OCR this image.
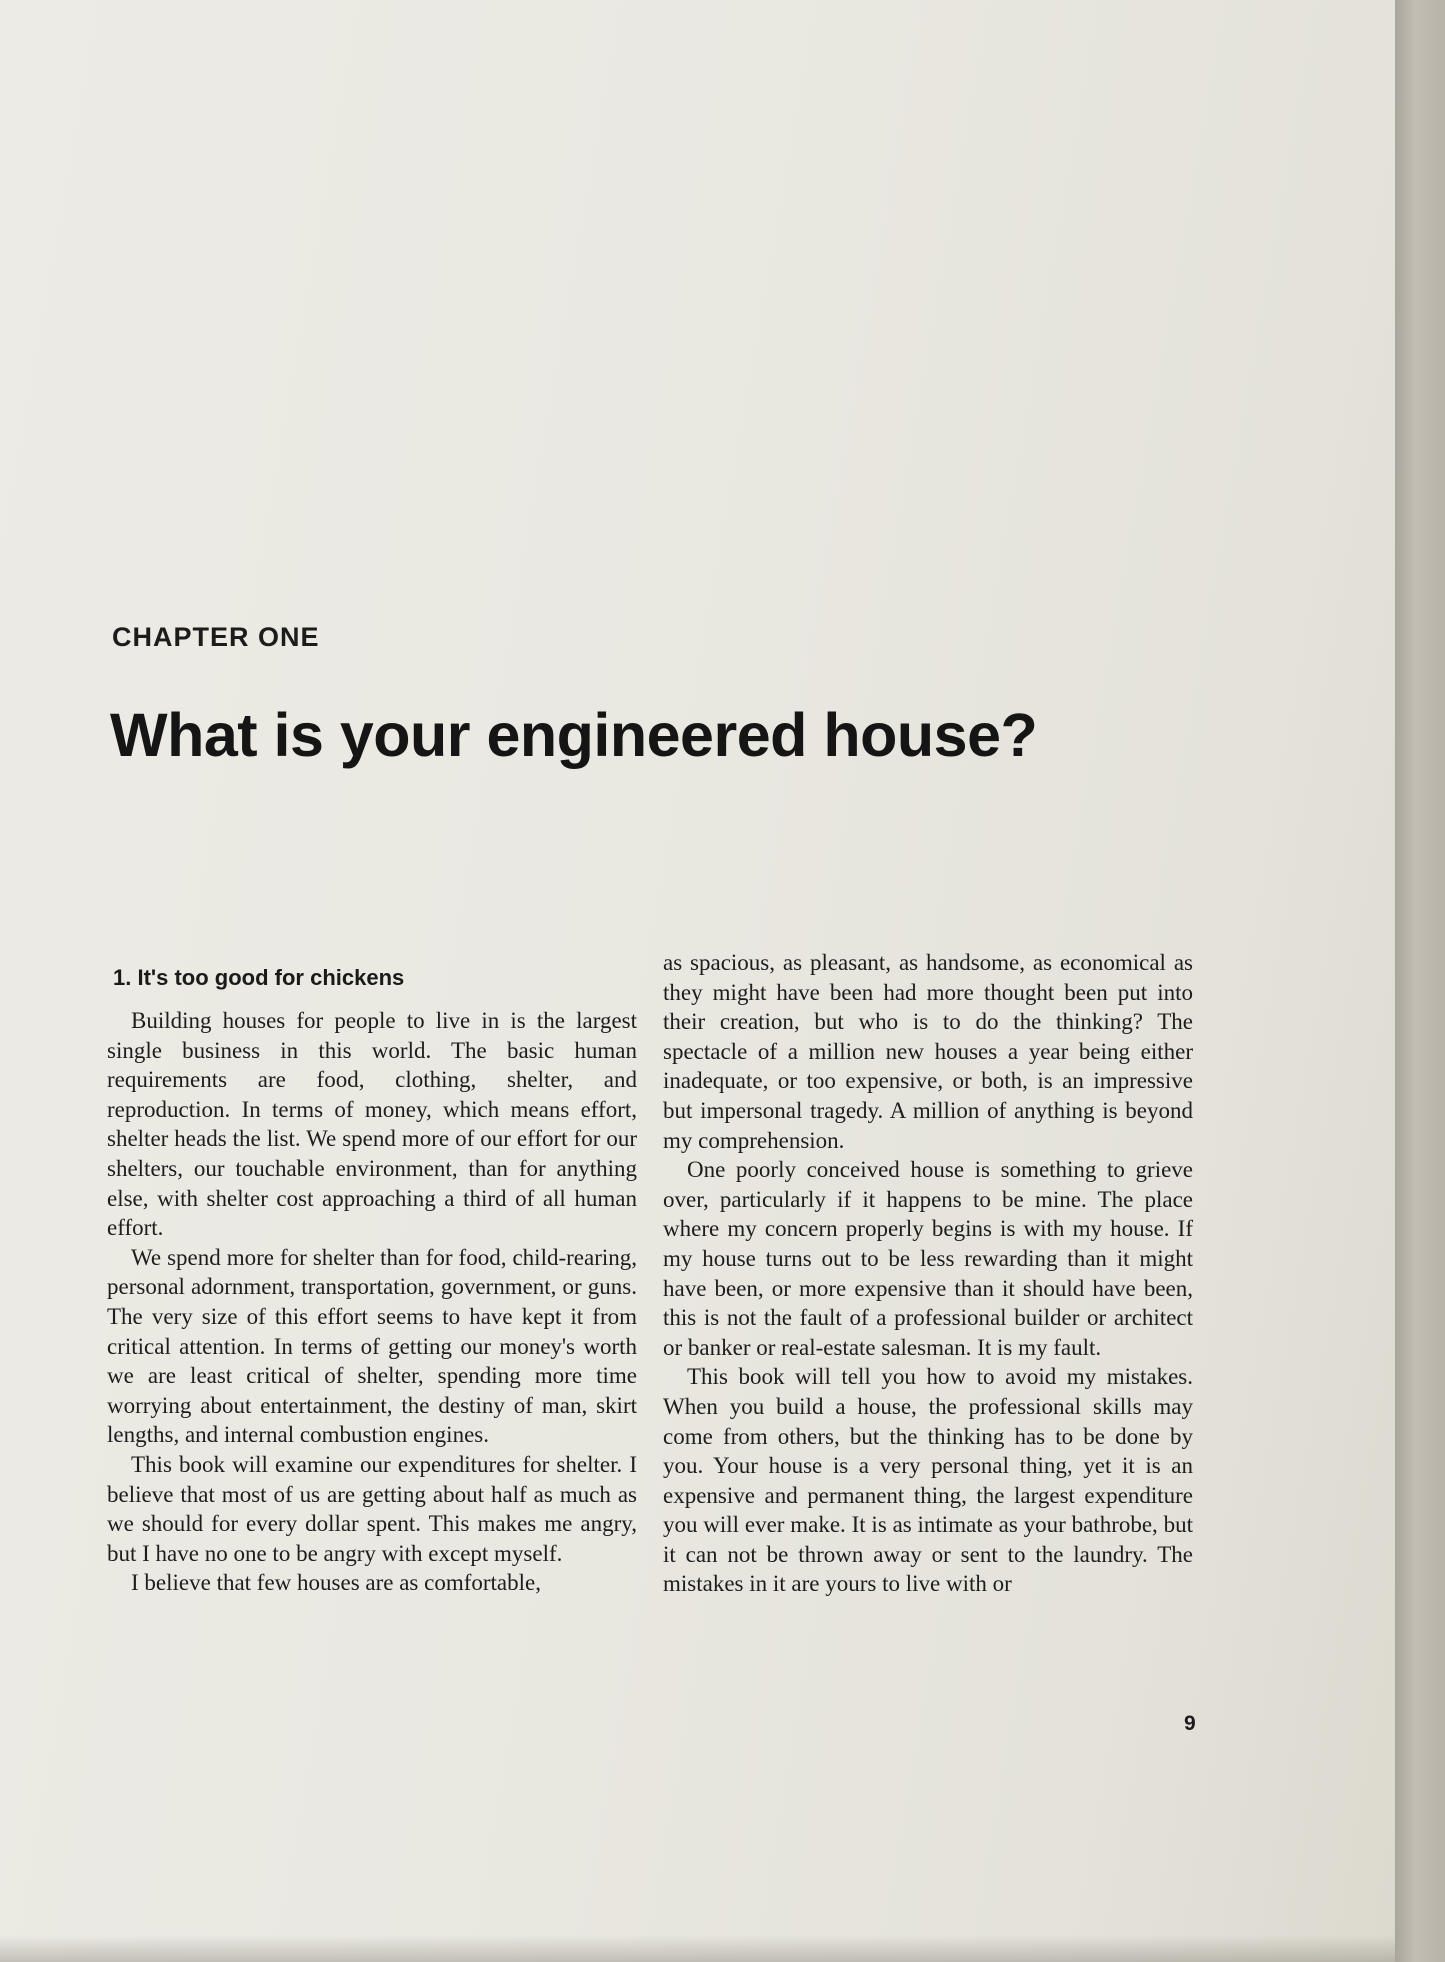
CHAPTER ONE
What is your engineered house?
1. It's too good for chickens

Building houses for people to live in is the largest single business in this world. The basic human requirements are food, clothing, shelter, and reproduction. In terms of money, which means effort, shelter heads the list. We spend more of our effort for our shelters, our touchable environment, than for anything else, with shelter cost approaching a third of all human effort.

We spend more for shelter than for food, child-rearing, personal adornment, transportation, government, or guns. The very size of this effort seems to have kept it from critical attention. In terms of getting our money's worth we are least critical of shelter, spending more time worrying about entertainment, the destiny of man, skirt lengths, and internal combustion engines.

This book will examine our expenditures for shelter. I believe that most of us are getting about half as much as we should for every dollar spent. This makes me angry, but I have no one to be angry with except myself.

I believe that few houses are as comfortable,

as spacious, as pleasant, as handsome, as economical as they might have been had more thought been put into their creation, but who is to do the thinking? The spectacle of a million new houses a year being either inadequate, or too expensive, or both, is an impressive but impersonal tragedy. A million of anything is beyond my comprehension.

One poorly conceived house is something to grieve over, particularly if it happens to be mine. The place where my concern properly begins is with my house. If my house turns out to be less rewarding than it might have been, or more expensive than it should have been, this is not the fault of a professional builder or architect or banker or real-estate salesman. It is my fault.

This book will tell you how to avoid my mistakes. When you build a house, the professional skills may come from others, but the thinking has to be done by you. Your house is a very personal thing, yet it is an expensive and permanent thing, the largest expenditure you will ever make. It is as intimate as your bathrobe, but it can not be thrown away or sent to the laundry. The mistakes in it are yours to live with or

9
